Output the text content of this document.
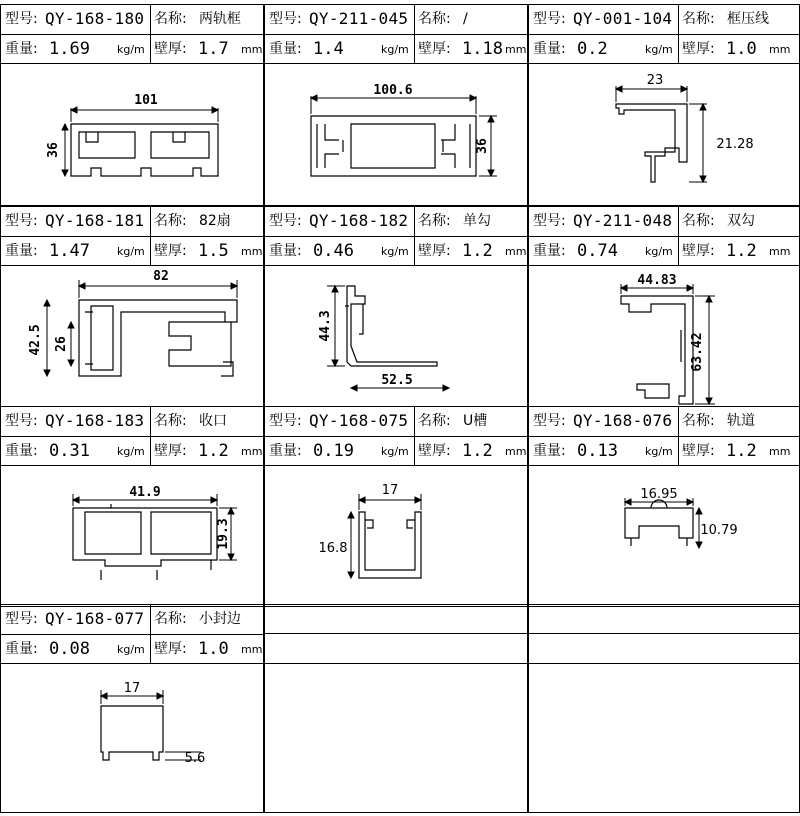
型号: QY-168-180 名称: 两轨框
重量: 1.69 kg/m 壁厚: 1.7 mm
型号: QY-211-045 名称: /
重量: 1.4	kg/m 壁厚: 1.18 mm
型号: QY-001-104 名称: 框压线
重量: 0.2	kg/m 壁厚: 1.0 mm
型号: QY-168-181 名称: 82扇
重量: 1.47 kg/m 壁厚: 1.5 mm
型号: QY-168-182 名称: 单勾
重量: 0.46 kg/m 壁厚: 1.2 mm
型号: QY-211-048 名称: 双勾
重量: 0.74 kg/m 壁厚: 1.2 mm
型号: QY-168-183 名称: 收口
重量: 0.31 kg/m 壁厚: 1.2 mm
型号: QY-168-075 名称: U槽
重量: 0.19 kg/m 壁厚: 1.2 mm
型号: QY-168-076 名称: 轨道
重量: 0.13 kg/m 壁厚: 1.2 mm
型号: QY-168-077 名称: 小封边
重量: 0.08 kg/m 壁厚: 1.0 mm
101
36
100.6
36
23
21.28
82
42.5 26
44.3
52.5
44.83
63.42
41.9
19.3
17
16.8
16.95
10.79
17
5.6
